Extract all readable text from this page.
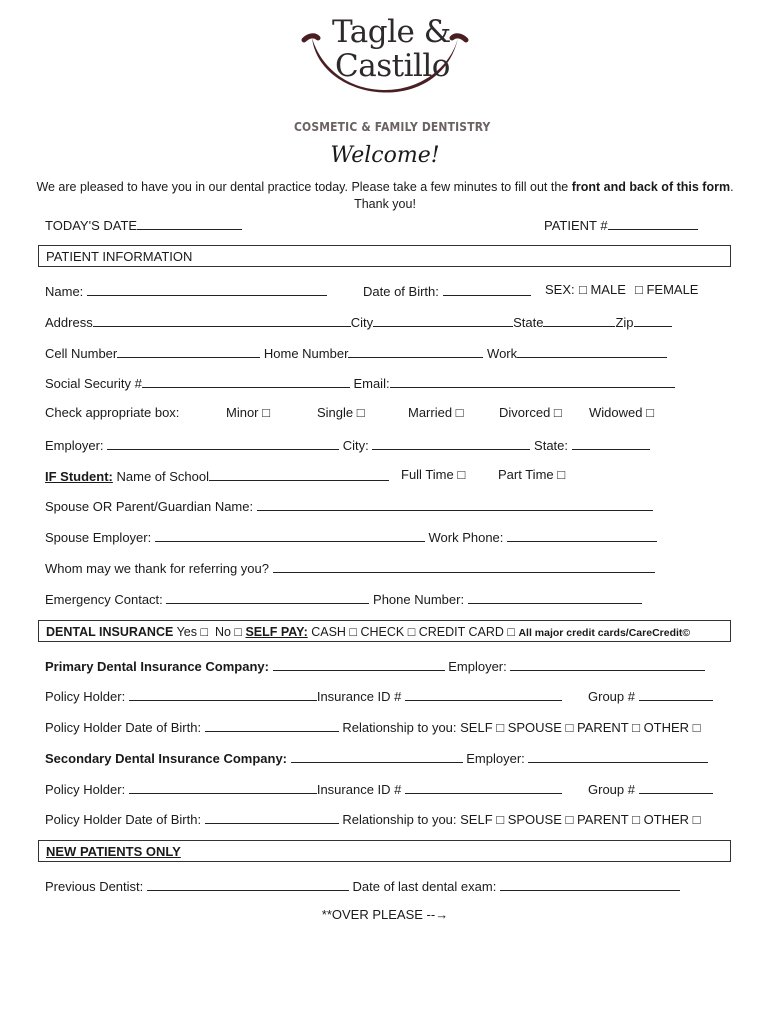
Tagle &
Castillo
COSMETIC & FAMILY DENTISTRY
Welcome!
We are pleased to have you in our dental practice today. Please take a few minutes to fill out the front and back of this form. Thank you!
TODAY'S DATE	PATIENT #
PATIENT INFORMATION
Name:	Date of Birth:	SEX: □ MALE □ FEMALE
Address	City	State	Zip
Cell Number	Home Number	Work
Social Security #	Email:
Check appropriate box:	Minor □	Single □	Married □	Divorced □ Widowed □
Employer:	City:	State:
IF Student: Name of School	Full Time □	Part Time □
Spouse OR Parent/Guardian Name:
Spouse Employer:	Work Phone:
Whom may we thank for referring you?
Emergency Contact:	Phone Number:
DENTAL INSURANCE Yes □ No □ SELF PAY: CASH □ CHECK □ CREDIT CARD □ All major credit cards/CareCredit©
Primary Dental Insurance Company:	Employer:
Policy Holder:	Insurance ID #	Group #
Policy Holder Date of Birth:	Relationship to you: SELF □ SPOUSE □ PARENT □ OTHER □
Secondary Dental Insurance Company:	Employer:
Policy Holder:	Insurance ID #	Group #
Policy Holder Date of Birth:	Relationship to you: SELF □ SPOUSE □ PARENT □ OTHER □
NEW PATIENTS ONLY
Previous Dentist:	Date of last dental exam:
**OVER PLEASE --→
